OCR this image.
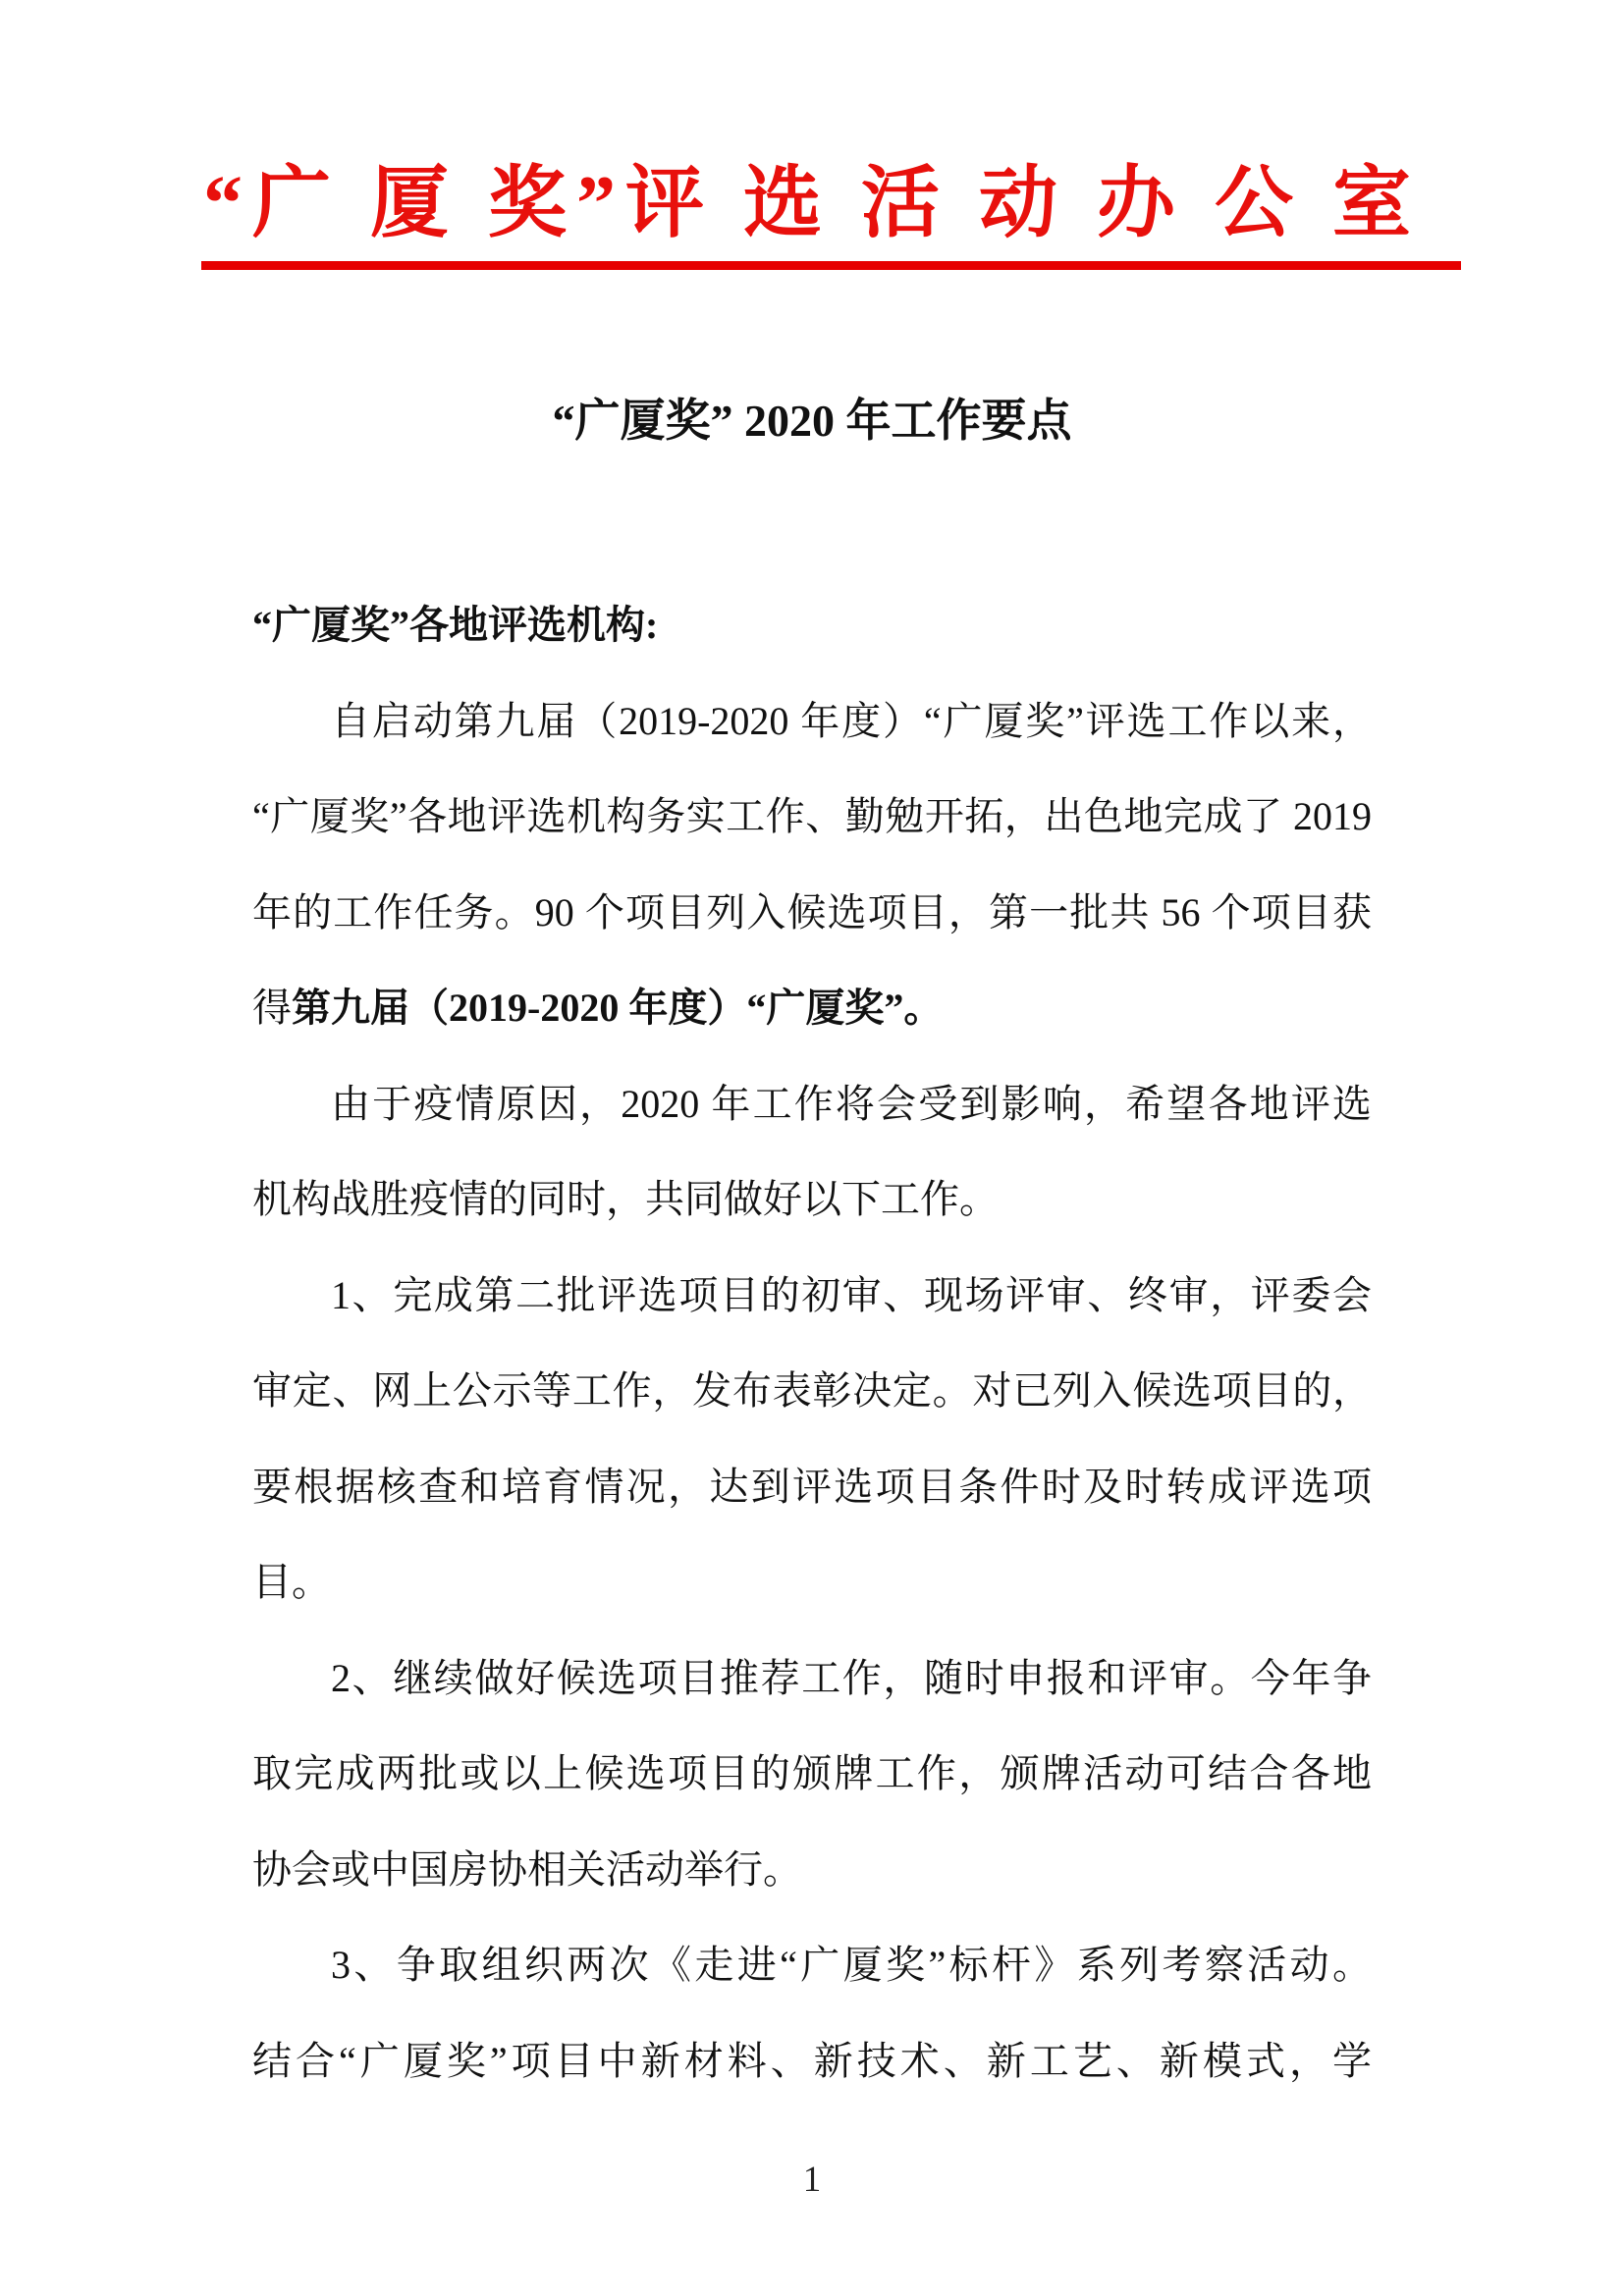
“广 厦 奖”评 选 活 动 办 公 室
“广厦奖” 2020 年工作要点
“广厦奖”各地评选机构:
自启动第九届（2019-2020 年度）“广厦奖”评选工作以来，
“广厦奖”各地评选机构务实工作、勤勉开拓，出色地完成了 2019
年的工作任务。90 个项目列入候选项目，第一批共 56 个项目获
得第九届（2019-2020 年度）“广厦奖”。
由于疫情原因，2020 年工作将会受到影响，希望各地评选
机构战胜疫情的同时，共同做好以下工作。
1、完成第二批评选项目的初审、现场评审、终审，评委会
审定、网上公示等工作，发布表彰决定。对已列入候选项目的，
要根据核查和培育情况，达到评选项目条件时及时转成评选项
目。
2、继续做好候选项目推荐工作，随时申报和评审。今年争
取完成两批或以上候选项目的颁牌工作，颁牌活动可结合各地
协会或中国房协相关活动举行。
3、争取组织两次《走进“广厦奖”标杆》系列考察活动。
结合“广厦奖”项目中新材料、新技术、新工艺、新模式，学
1
